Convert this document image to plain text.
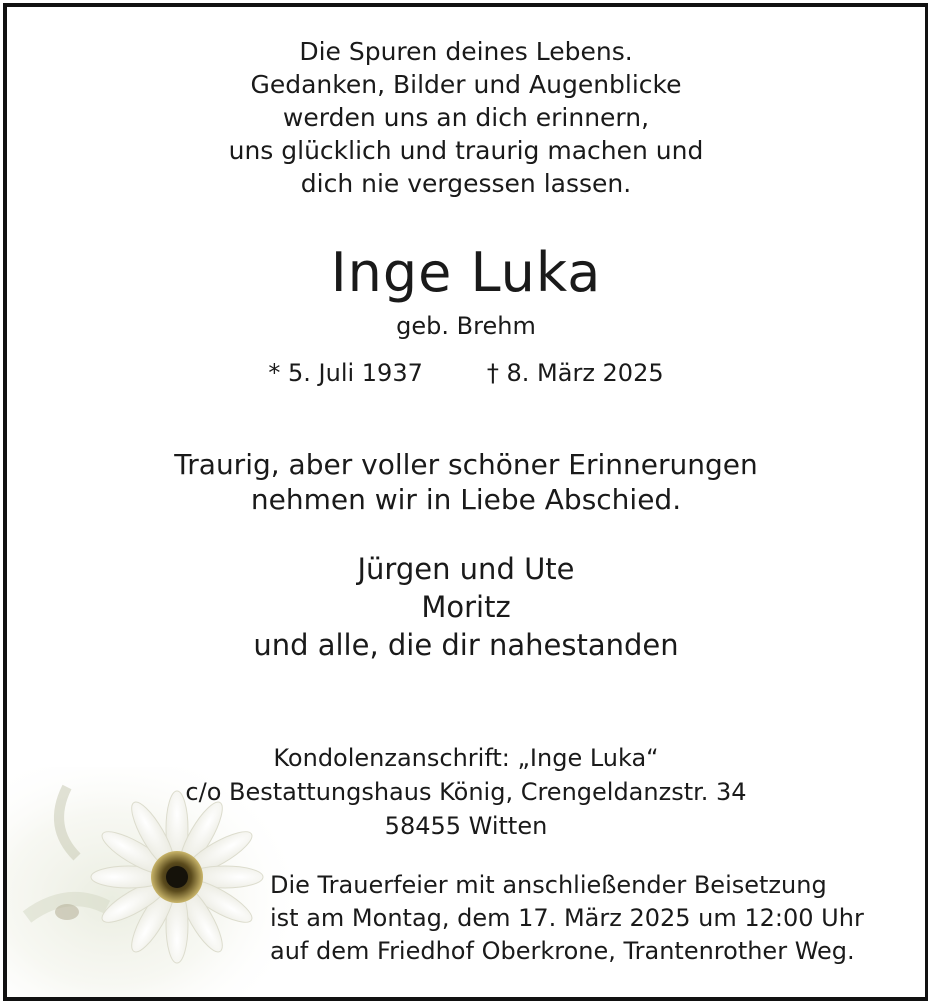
Die Spuren deines Lebens.
Gedanken, Bilder und Augenblicke
werden uns an dich erinnern,
uns glücklich und traurig machen und
dich nie vergessen lassen.
Inge Luka
geb. Brehm
* 5. Juli 1937	† 8. März 2025
Traurig, aber voller schöner Erinnerungen
nehmen wir in Liebe Abschied.
Jürgen und Ute
Moritz
und alle, die dir nahestanden
Kondolenzanschrift: „Inge Luka“
c/o Bestattungshaus König, Crengeldanzstr. 34
58455 Witten
Die Trauerfeier mit anschließender Beisetzung
ist am Montag, dem 17. März 2025 um 12:00 Uhr
auf dem Friedhof Oberkrone, Trantenrother Weg.
